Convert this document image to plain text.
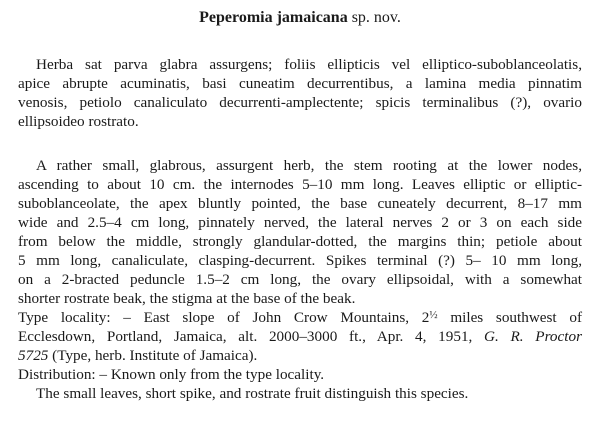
Peperomia jamaicana sp. nov.
Herba sat parva glabra assurgens; foliis ellipticis vel elliptico-suboblanceolatis,
apice abrupte acuminatis, basi cuneatim decurrentibus, a lamina media pinnatim
venosis, petiolo canaliculato decurrenti-amplectente; spicis terminalibus (?), ovario
ellipsoideo rostrato.
A rather small, glabrous, assurgent herb, the stem rooting at the lower nodes,
ascending to about 10 cm. the internodes 5–10 mm long. Leaves elliptic or elliptic-
suboblanceolate, the apex bluntly pointed, the base cuneately decurrent, 8–17 mm
wide and 2.5–4 cm long, pinnately nerved, the lateral nerves 2 or 3 on each side
from below the middle, strongly glandular-dotted, the margins thin; petiole about
5 mm long, canaliculate, clasping-decurrent. Spikes terminal (?) 5– 10 mm long,
on a 2-bracted peduncle 1.5–2 cm long, the ovary ellipsoidal, with a somewhat
shorter rostrate beak, the stigma at the base of the beak.
Type locality: – East slope of John Crow Mountains, $2^{\frac{1}{2}}$ miles southwest of
Ecclesdown, Portland, Jamaica, alt. 2000–3000 ft., Apr. 4, 1951, G. R. Proctor
5725 (Type, herb. Institute of Jamaica).
Distribution: – Known only from the type locality.
The small leaves, short spike, and rostrate fruit distinguish this species.
